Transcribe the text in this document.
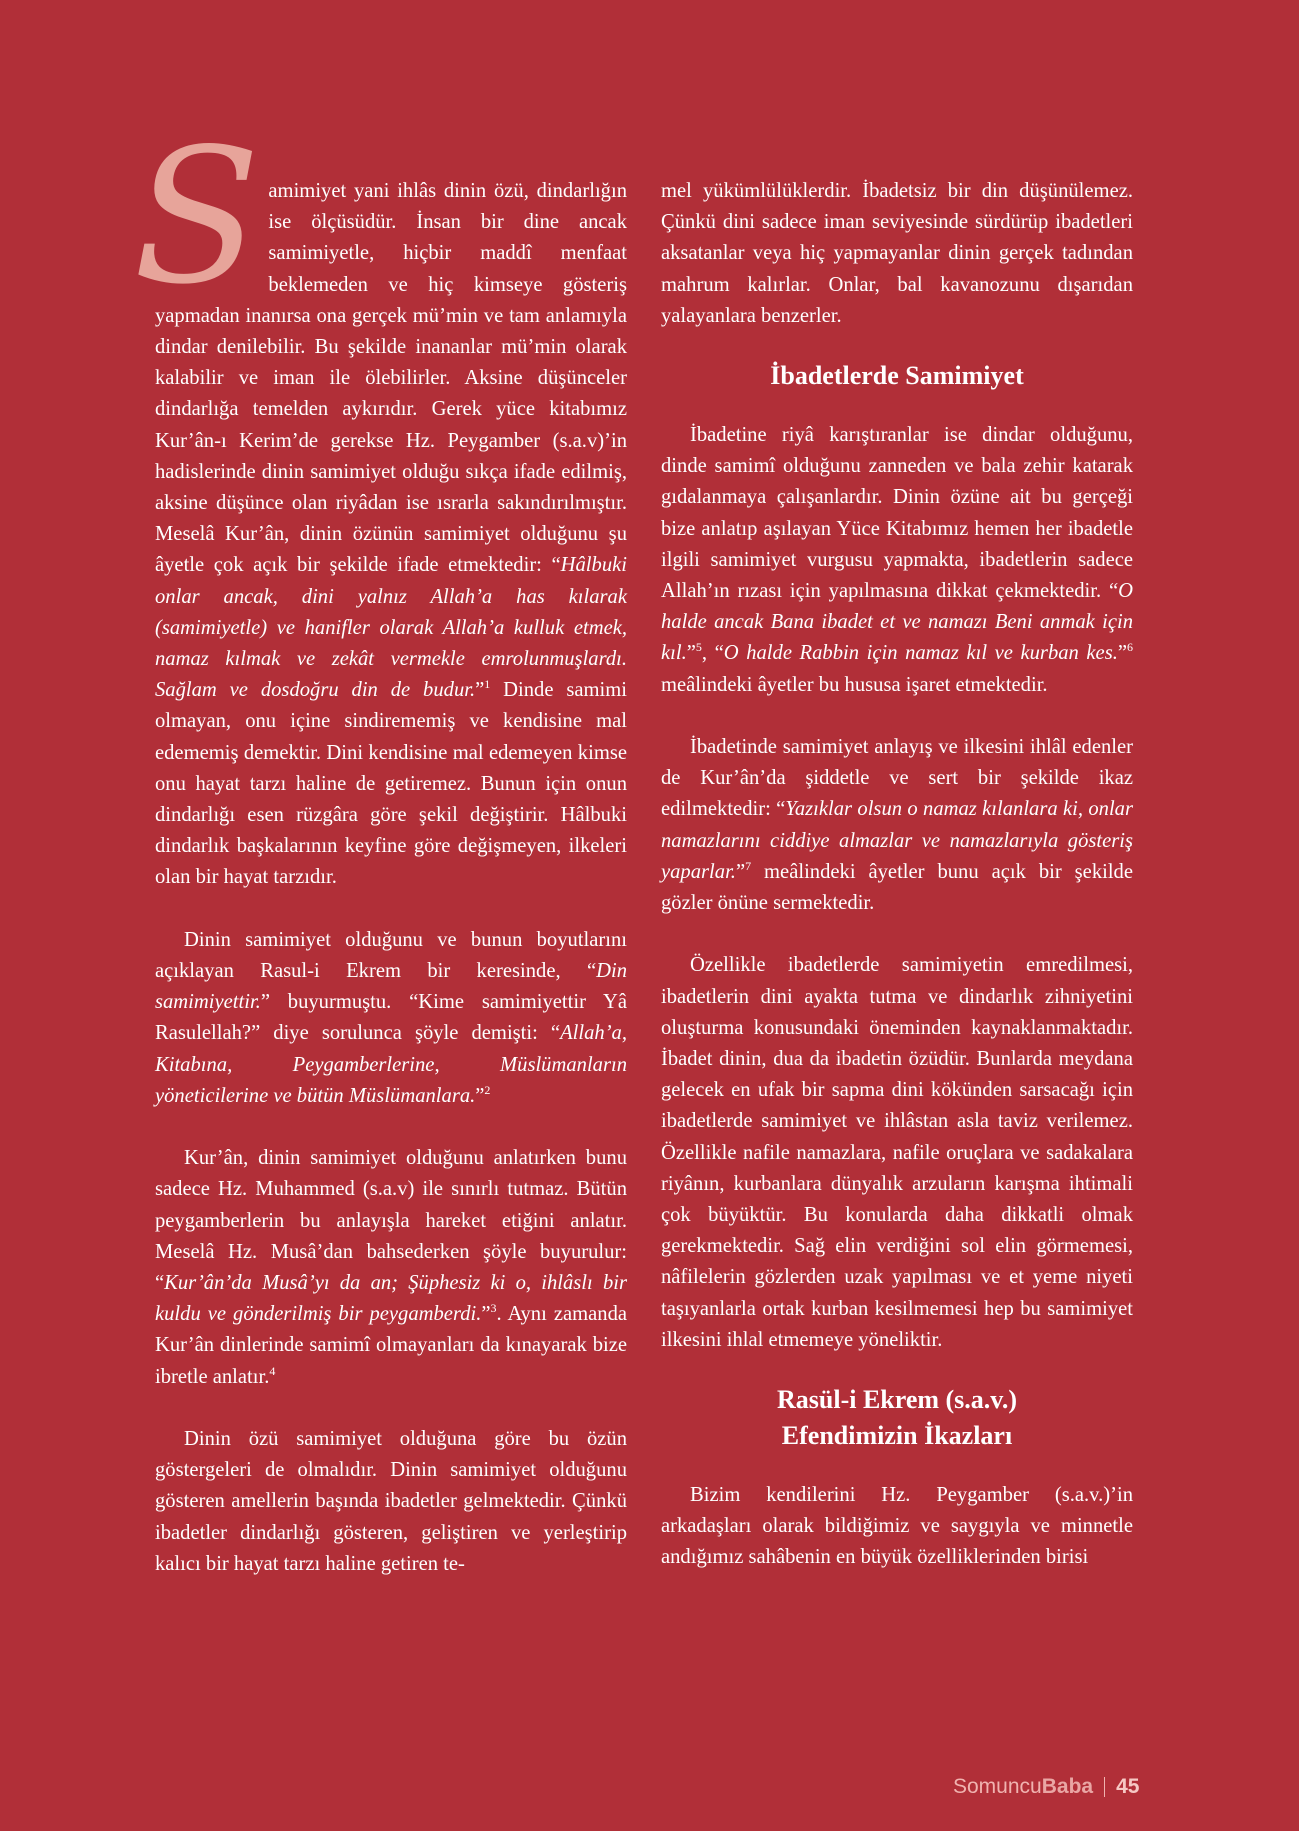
Samimiyet yani ihlâs dinin özü, dindarlığın ise ölçüsüdür. İnsan bir dine ancak samimiyetle, hiçbir maddî menfaat beklemeden ve hiç kimseye gösteriş yapmadan inanırsa ona gerçek mü’min ve tam anlamıyla dindar denilebilir. Bu şekilde inananlar mü’min olarak kalabilir ve iman ile ölebilirler. Aksine düşünceler dindarlığa temelden aykırıdır. Gerek yüce kitabımız Kur’ân-ı Kerim’de gerekse Hz. Peygamber (s.a.v)’in hadislerinde dinin samimiyet olduğu sıkça ifade edilmiş, aksine düşünce olan riyâdan ise ısrarla sakındırılmıştır. Meselâ Kur’ân, dinin özünün samimiyet olduğunu şu âyetle çok açık bir şekilde ifade etmektedir: “Hâlbuki onlar ancak, dini yalnız Allah’a has kılarak (samimiyetle) ve hanifler olarak Allah’a kulluk etmek, namaz kılmak ve zekât vermekle emrolunmuşlardı. Sağlam ve dosdoğru din de budur.”$^1$ Dinde samimi olmayan, onu içine sindirememiş ve kendisine mal edememiş demektir. Dini kendisine mal edemeyen kimse onu hayat tarzı haline de getiremez. Bunun için onun dindarlığı esen rüzgâra göre şekil değiştirir. Hâlbuki dindarlık başkalarının keyfine göre değişmeyen, ilkeleri olan bir hayat tarzıdır.

Dinin samimiyet olduğunu ve bunun boyutlarını açıklayan Rasul-i Ekrem bir keresinde, “Din samimiyettir.” buyurmuştu. “Kime samimiyettir Yâ Rasulellah?” diye sorulunca şöyle demişti: “Allah’a, Kitabına, Peygamberlerine, Müslümanların yöneticilerine ve bütün Müslümanlara.”$^2$

Kur’ân, dinin samimiyet olduğunu anlatırken bunu sadece Hz. Muhammed (s.a.v) ile sınırlı tutmaz. Bütün peygamberlerin bu anlayışla hareket etiğini anlatır. Meselâ Hz. Musâ’dan bahsederken şöyle buyurulur: “Kur’ân’da Musâ’yı da an; Şüphesiz ki o, ihlâslı bir kuldu ve gönderilmiş bir peygamberdi.”$^3$. Aynı zamanda Kur’ân dinlerinde samimî olmayanları da kınayarak bize ibretle anlatır.$^4$

Dinin özü samimiyet olduğuna göre bu özün göstergeleri de olmalıdır. Dinin samimiyet olduğunu gösteren amellerin başında ibadetler gelmektedir. Çünkü ibadetler dindarlığı gösteren, geliştiren ve yerleştirip kalıcı bir hayat tarzı haline getiren te-

mel yükümlülüklerdir. İbadetsiz bir din düşünülemez. Çünkü dini sadece iman seviyesinde sürdürüp ibadetleri aksatanlar veya hiç yapmayanlar dinin gerçek tadından mahrum kalırlar. Onlar, bal kavanozunu dışarıdan yalayanlara benzerler.

İbadetlerde Samimiyet

İbadetine riyâ karıştıranlar ise dindar olduğunu, dinde samimî olduğunu zanneden ve bala zehir katarak gıdalanmaya çalışanlardır. Dinin özüne ait bu gerçeği bize anlatıp aşılayan Yüce Kitabımız hemen her ibadetle ilgili samimiyet vurgusu yapmakta, ibadetlerin sadece Allah’ın rızası için yapılmasına dikkat çekmektedir. “O halde ancak Bana ibadet et ve namazı Beni anmak için kıl.”$^5$, “O halde Rabbin için namaz kıl ve kurban kes.”$^6$ meâlindeki âyetler bu hususa işaret etmektedir.

İbadetinde samimiyet anlayış ve ilkesini ihlâl edenler de Kur’ân’da şiddetle ve sert bir şekilde ikaz edilmektedir: “Yazıklar olsun o namaz kılanlara ki, onlar namazlarını ciddiye almazlar ve namazlarıyla gösteriş yaparlar.”$^7$ meâlindeki âyetler bunu açık bir şekilde gözler önüne sermektedir.

Özellikle ibadetlerde samimiyetin emredilmesi, ibadetlerin dini ayakta tutma ve dindarlık zihniyetini oluşturma konusundaki öneminden kaynaklanmaktadır. İbadet dinin, dua da ibadetin özüdür. Bunlarda meydana gelecek en ufak bir sapma dini kökünden sarsacağı için ibadetlerde samimiyet ve ihlâstan asla taviz verilemez. Özellikle nafile namazlara, nafile oruçlara ve sadakalara riyânın, kurbanlara dünyalık arzuların karışma ihtimali çok büyüktür. Bu konularda daha dikkatli olmak gerekmektedir. Sağ elin verdiğini sol elin görmemesi, nâfilelerin gözlerden uzak yapılması ve et yeme niyeti taşıyanlarla ortak kurban kesilmemesi hep bu samimiyet ilkesini ihlal etmemeye yöneliktir.

Rasül-i Ekrem (s.a.v.)
Efendimizin İkazları

Bizim kendilerini Hz. Peygamber (s.a.v.)’in arkadaşları olarak bildiğimiz ve saygıyla ve minnetle andığımız sahâbenin en büyük özelliklerinden birisi

SomuncuBaba 45
